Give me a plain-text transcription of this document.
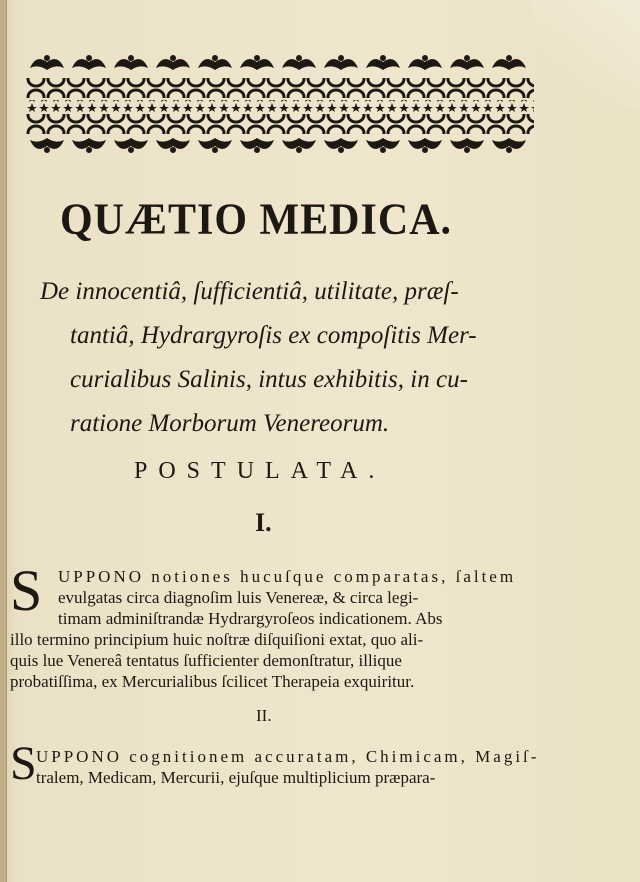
QUÆTIO MEDICA.
De innocentiâ, ſufficientiâ, utilitate, præſ-
tantiâ, Hydrargyroſis ex compoſitis Mer-
curialibus Salinis, intus exhibitis, in cu-
ratione Morborum Venereorum.
POSTULATA.
I.
S UPPONO notiones hucuſque comparatas, ſaltem
evulgatas circa diagnoſim luis Venereæ, & circa legi-
timam adminiſtrandæ Hydrargyroſeos indicationem. Abs
illo termino principium huic noſtræ diſquiſioni extat, quo ali-
quis lue Venereâ tentatus ſufficienter demonſtratur, illique
probatiſſima, ex Mercurialibus ſcilicet Therapeia exquiritur.
II.
S UPPONO cognitionem accuratam, Chimicam, Magiſ-
tralem, Medicam, Mercurii, ejuſque multiplicium præpara-
